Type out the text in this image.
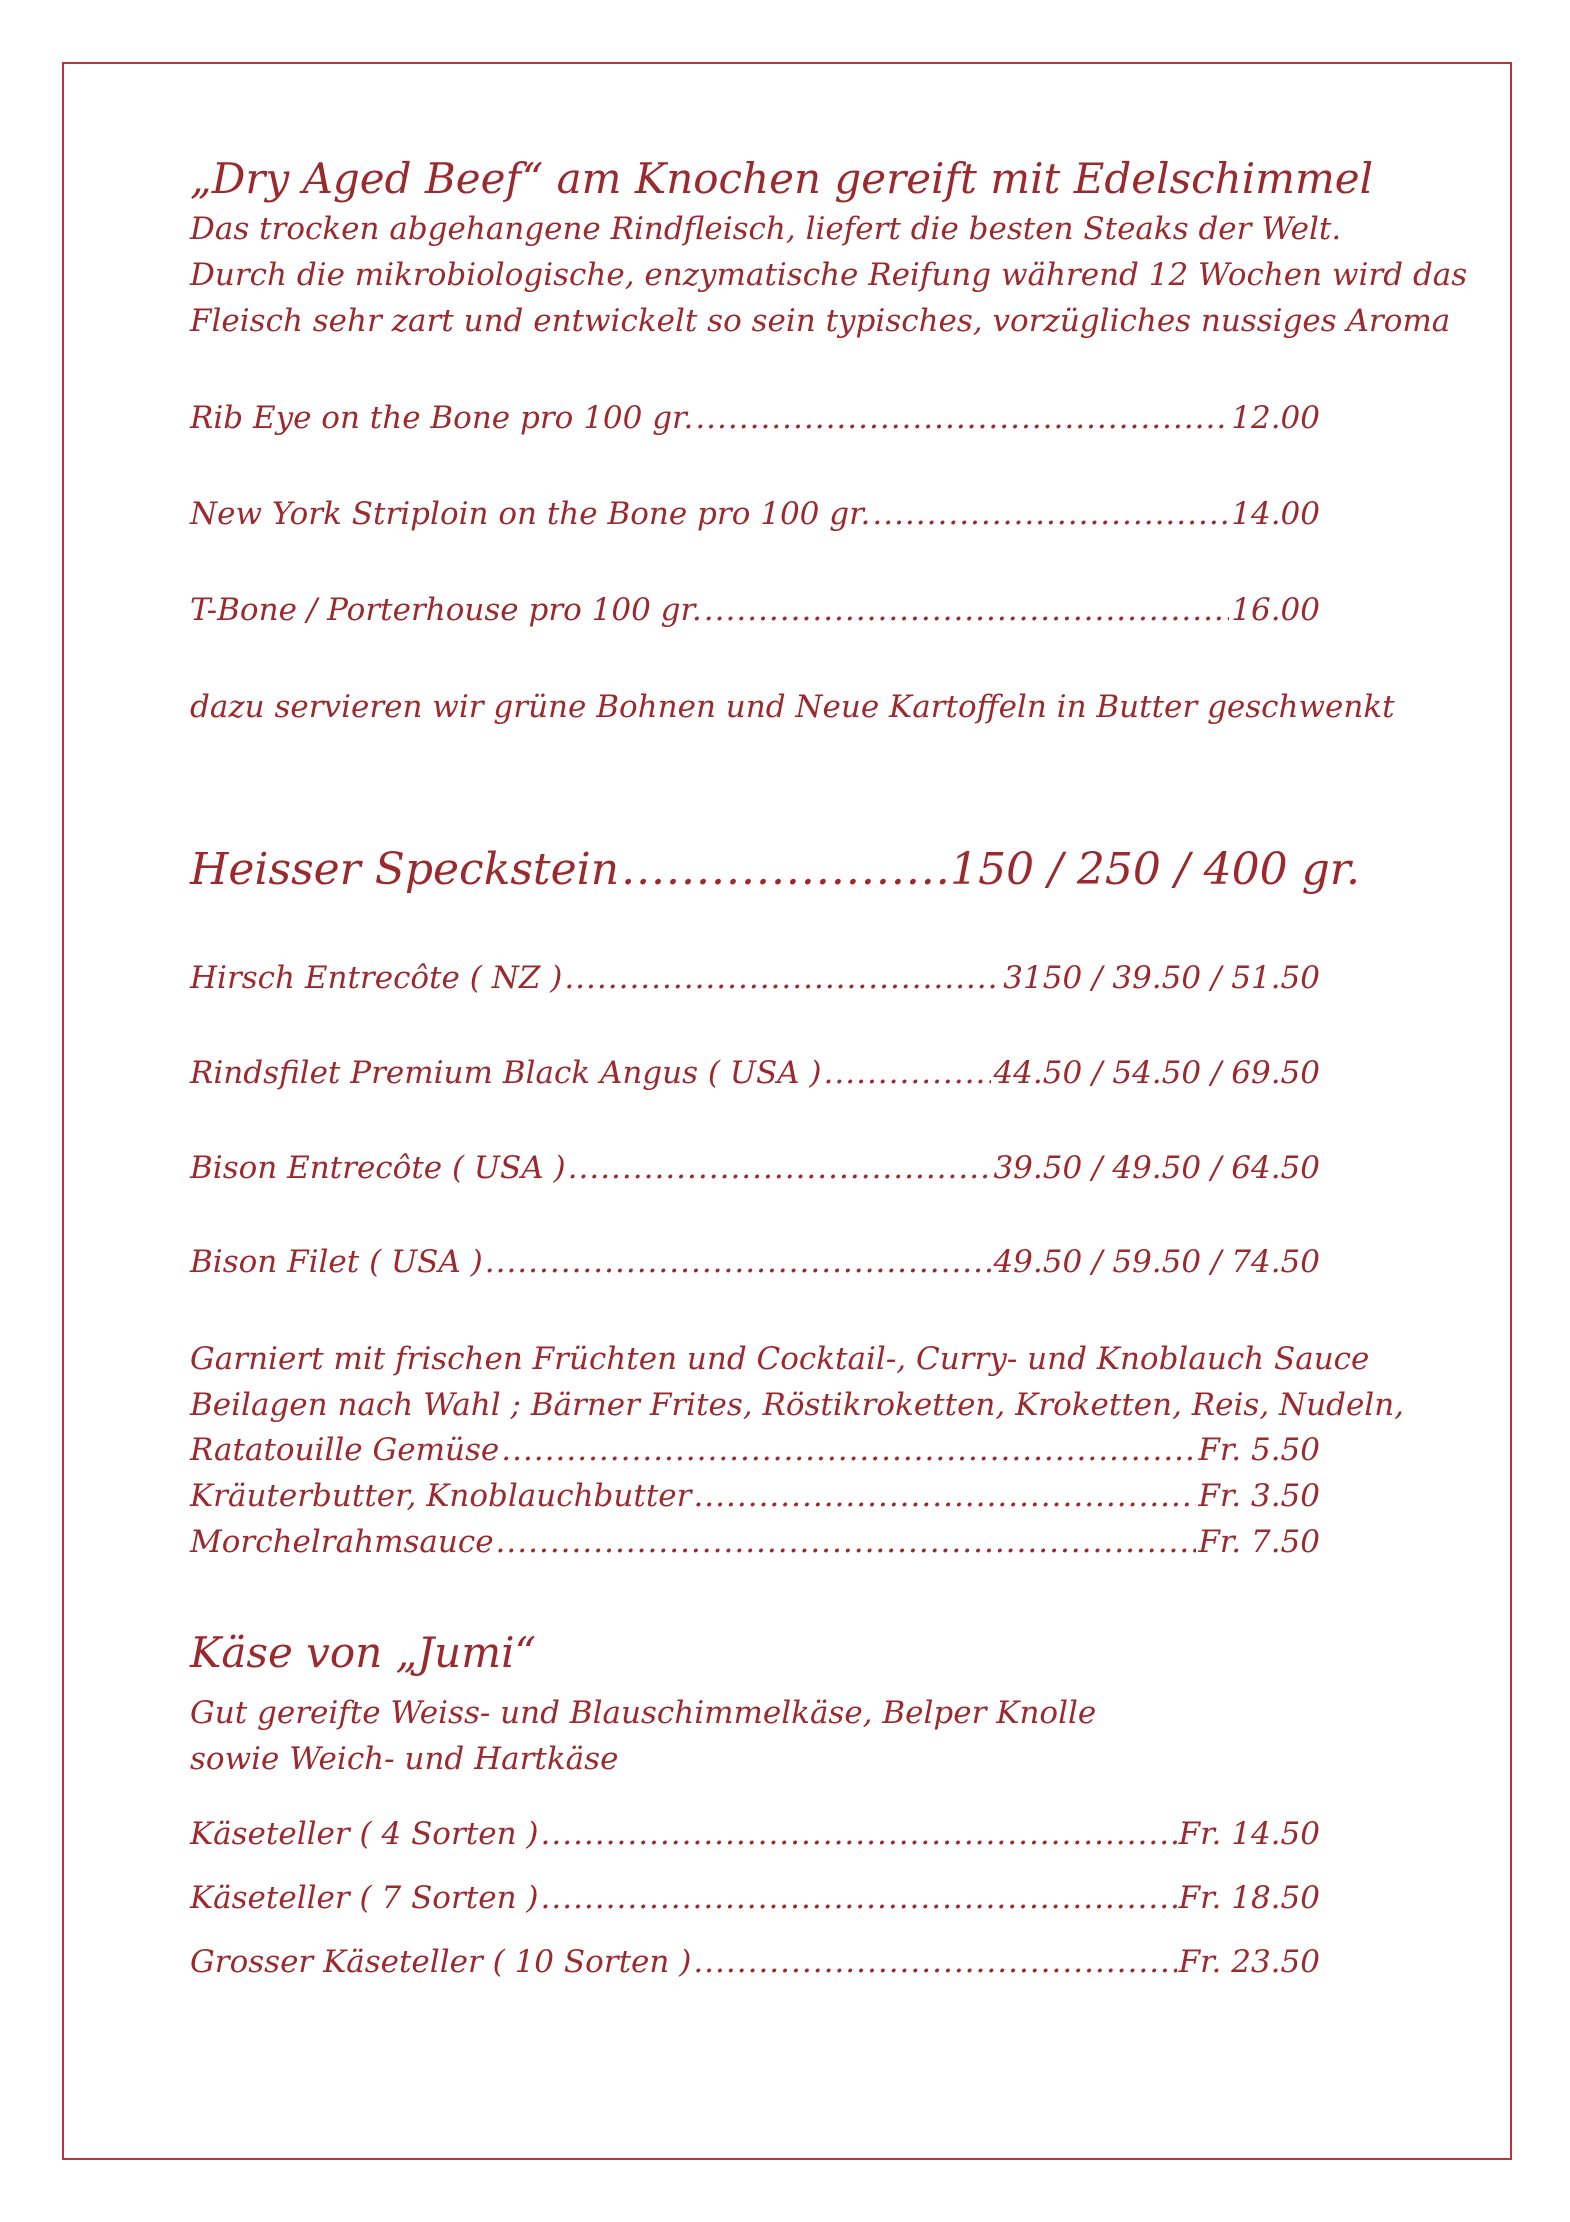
„Dry Aged Beef“ am Knochen gereift mit Edelschimmel
Das trocken abgehangene Rindfleisch, liefert die besten Steaks der Welt.
Durch die mikrobiologische, enzymatische Reifung während 12 Wochen wird das
Fleisch sehr zart und entwickelt so sein typisches, vorzügliches nussiges Aroma
Rib Eye on the Bone pro 100 gr. .....	12.00
New York Striploin on the Bone pro 100 gr. .....	14.00
T-Bone / Porterhouse pro 100 gr. .....	16.00
dazu servieren wir grüne Bohnen und Neue Kartoffeln in Butter geschwenkt
Heisser Speckstein .....	150 / 250 / 400 gr.
Hirsch Entrecôte ( NZ ) .....	3150 / 39.50 / 51.50
Rindsfilet Premium Black Angus ( USA ) .....	44.50 / 54.50 / 69.50
Bison Entrecôte ( USA ) .....	39.50 / 49.50 / 64.50
Bison Filet ( USA ) .....	49.50 / 59.50 / 74.50
Garniert mit frischen Früchten und Cocktail-, Curry- und Knoblauch Sauce
Beilagen nach Wahl ; Bärner Frites, Röstikroketten, Kroketten, Reis, Nudeln,
Ratatouille Gemüse .....	Fr. 5.50
Kräuterbutter, Knoblauchbutter .....	Fr. 3.50
Morchelrahmsauce .....	Fr. 7.50
Käse von „Jumi“
Gut gereifte Weiss- und Blauschimmelkäse, Belper Knolle
sowie Weich- und Hartkäse
Käseteller ( 4 Sorten ) .....	Fr. 14.50
Käseteller ( 7 Sorten ) .....	Fr. 18.50
Grosser Käseteller ( 10 Sorten ) .....	Fr. 23.50
